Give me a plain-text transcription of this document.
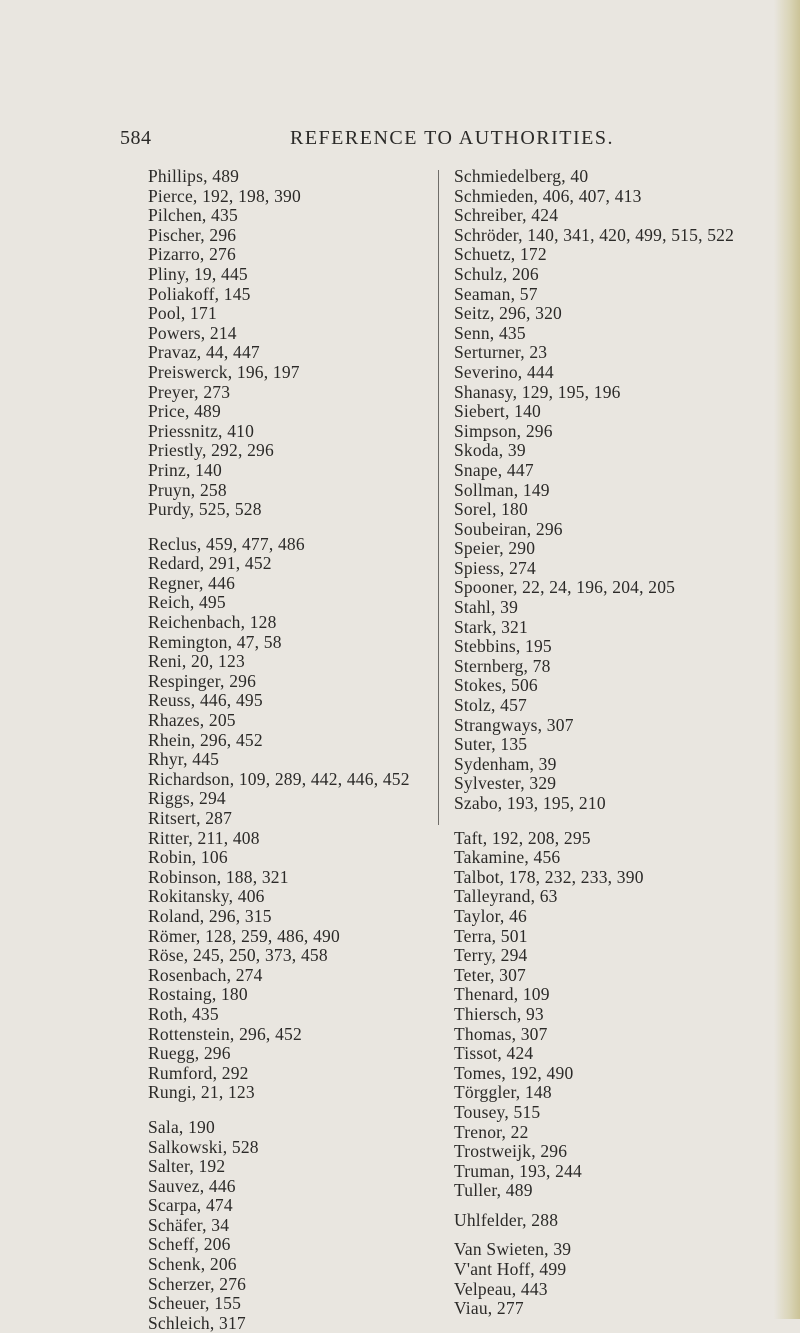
584	REFERENCE TO AUTHORITIES.
Phillips, 489
Pierce, 192, 198, 390
Pilchen, 435
Pischer, 296
Pizarro, 276
Pliny, 19, 445
Poliakoff, 145
Pool, 171
Powers, 214
Pravaz, 44, 447
Preiswerck, 196, 197
Preyer, 273
Price, 489
Priessnitz, 410
Priestly, 292, 296
Prinz, 140
Pruyn, 258
Purdy, 525, 528
Reclus, 459, 477, 486
Redard, 291, 452
Regner, 446
Reich, 495
Reichenbach, 128
Remington, 47, 58
Reni, 20, 123
Respinger, 296
Reuss, 446, 495
Rhazes, 205
Rhein, 296, 452
Rhyr, 445
Richardson, 109, 289, 442, 446, 452
Riggs, 294
Ritsert, 287
Ritter, 211, 408
Robin, 106
Robinson, 188, 321
Rokitansky, 406
Roland, 296, 315
Römer, 128, 259, 486, 490
Röse, 245, 250, 373, 458
Rosenbach, 274
Rostaing, 180
Roth, 435
Rottenstein, 296, 452
Ruegg, 296
Rumford, 292
Rungi, 21, 123
Sala, 190
Salkowski, 528
Salter, 192
Sauvez, 446
Scarpa, 474
Schäfer, 34
Scheff, 206
Schenk, 206
Scherzer, 276
Scheuer, 155
Schleich, 317
Schmiedelberg, 40
Schmieden, 406, 407, 413
Schreiber, 424
Schröder, 140, 341, 420, 499, 515, 522
Schuetz, 172
Schulz, 206
Seaman, 57
Seitz, 296, 320
Senn, 435
Serturner, 23
Severino, 444
Shanasy, 129, 195, 196
Siebert, 140
Simpson, 296
Skoda, 39
Snape, 447
Sollman, 149
Sorel, 180
Soubeiran, 296
Speier, 290
Spiess, 274
Spooner, 22, 24, 196, 204, 205
Stahl, 39
Stark, 321
Stebbins, 195
Sternberg, 78
Stokes, 506
Stolz, 457
Strangways, 307
Suter, 135
Sydenham, 39
Sylvester, 329
Szabo, 193, 195, 210
Taft, 192, 208, 295
Takamine, 456
Talbot, 178, 232, 233, 390
Talleyrand, 63
Taylor, 46
Terra, 501
Terry, 294
Teter, 307
Thenard, 109
Thiersch, 93
Thomas, 307
Tissot, 424
Tomes, 192, 490
Törggler, 148
Tousey, 515
Trenor, 22
Trostweijk, 296
Truman, 193, 244
Tuller, 489
Uhlfelder, 288
Van Swieten, 39
V'ant Hoff, 499
Velpeau, 443
Viau, 277
